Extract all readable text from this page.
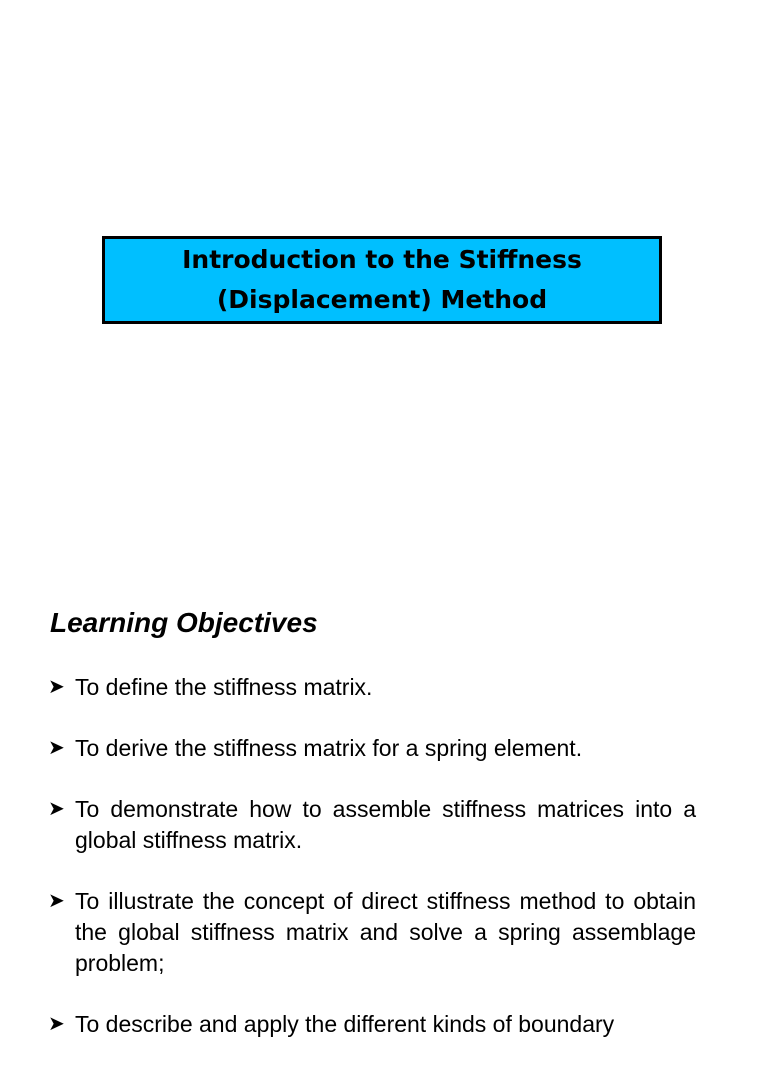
Introduction to the Stiffness
(Displacement) Method
Learning Objectives
➤ To define the stiffness matrix.
➤ To derive the stiffness matrix for a spring element.
➤ To demonstrate how to assemble stiffness matrices into a global stiffness matrix.
➤ To illustrate the concept of direct stiffness method to obtain the global stiffness matrix and solve a spring assemblage problem;
➤ To describe and apply the different kinds of boundary
